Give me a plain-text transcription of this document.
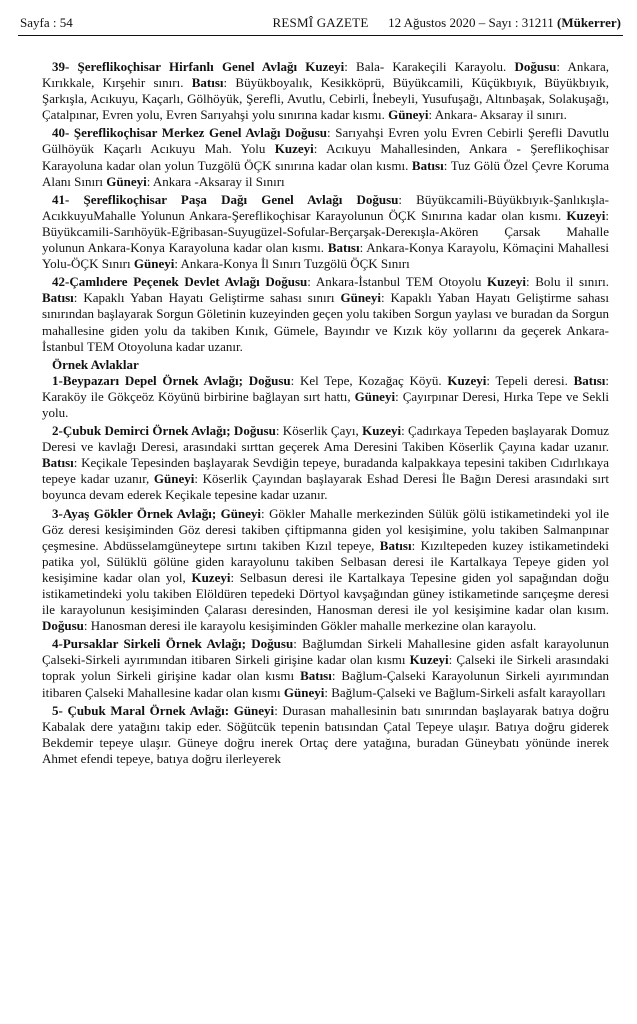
Sayfa : 54	RESMÎ GAZETE 12 Ağustos 2020 – Sayı : 31211 (Mükerrer)

39- Şereflikoçhisar Hirfanlı Genel Avlağı Kuzeyi: Bala- Karakeçili Karayolu. Doğusu: Ankara, Kırıkkale, Kırşehir sınırı. Batısı: Büyükboyalık, Kesikköprü, Büyükcamili, Küçükbıyık, Büyükbıyık, Şarkışla, Acıkuyu, Kaçarlı, Gölhöyük, Şerefli, Avutlu, Cebirli, İnebeyli, Yusufuşağı, Altınbaşak, Solakuşağı, Çatalpınar, Evren yolu, Evren Sarıyahşi yolu sınırına kadar kısmı. Güneyi: Ankara- Aksaray il sınırı.

40- Şereflikoçhisar Merkez Genel Avlağı Doğusu: Sarıyahşi Evren yolu Evren Cebirli Şerefli Davutlu Gülhöyük Kaçarlı Acıkuyu Mah. Yolu Kuzeyi: Acıkuyu Mahallesinden, Ankara - Şereflikoçhisar Karayoluna kadar olan yolun Tuzgölü ÖÇK sınırına kadar olan kısmı. Batısı: Tuz Gölü Özel Çevre Koruma Alanı Sınırı Güneyi: Ankara -Aksaray il Sınırı

41- Şereflikoçhisar Paşa Dağı Genel Avlağı Doğusu: Büyükcamili-Büyükbıyık-Şanlıkışla-AcıkkuyuMahalle Yolunun Ankara-Şereflikoçhisar Karayolunun ÖÇK Sınırına kadar olan kısmı. Kuzeyi: Büyükcamili-Sarıhöyük-Eğribasan-Suyugüzel-Sofular-Berçarşak-Dereкışla-Akören Çarsak Mahalle yolunun Ankara-Konya Karayoluna kadar olan kısmı. Batısı: Ankara-Konya Karayolu, Kömaçini Mahallesi Yolu-ÖÇK Sınırı Güneyi: Ankara-Konya İl Sınırı Tuzgölü ÖÇK Sınırı

42-Çamlıdere Peçenek Devlet Avlağı Doğusu: Ankara-İstanbul TEM Otoyolu Kuzeyi: Bolu il sınırı. Batısı: Kapaklı Yaban Hayatı Geliştirme sahası sınırı Güneyi: Kapaklı Yaban Hayatı Geliştirme sahası sınırından başlayarak Sorgun Göletinin kuzeyinden geçen yolu takiben Sorgun yaylası ve buradan da Sorgun mahallesine giden yolu da takiben Kınık, Gümele, Bayındır ve Kızık köy yollarını da geçerek Ankara-İstanbul TEM Otoyoluna kadar uzanır.

Örnek Avlaklar

1-Beypazarı Depel Örnek Avlağı; Doğusu: Kel Tepe, Kozağaç Köyü. Kuzeyi: Tepeli deresi. Batısı: Karaköy ile Gökçeöz Köyünü birbirine bağlayan sırt hattı, Güneyi: Çayırpınar Deresi, Hırka Tepe ve Sekli yolu.

2-Çubuk Demirci Örnek Avlağı; Doğusu: Köserlik Çayı, Kuzeyi: Çadırkaya Tepeden başlayarak Domuz Deresi ve kavlağı Deresi, arasındaki sırttan geçerek Ama Deresini Takiben Köserlik Çayına kadar uzanır. Batısı: Keçikale Tepesinden başlayarak Sevdiğin tepeye, buradanda kalpakkaya tepesini takiben Cıdırlıkaya tepeye kadar uzanır, Güneyi: Köserlik Çayından başlayarak Eshad Deresi İle Bağın Deresi arasındaki sırt boyunca devam ederek Keçikale tepesine kadar uzanır.

3-Ayaş Gökler Örnek Avlağı; Güneyi: Gökler Mahalle merkezinden Sülük gölü istikametindeki yol ile Göz deresi kesişiminden Göz deresi takiben çiftipmanna giden yol kesişimine, yolu takiben Salmanpınar çeşmesine. Abdüsselamgüneytepe sırtını takiben Kızıl tepeye, Batısı: Kızıltepeden kuzey istikametindeki patika yol, Sülüklü gölüne giden karayolunu takiben Selbasan deresi ile Kartalkaya Tepeye giden yol kesişimine kadar olan yol, Kuzeyi: Selbasun deresi ile Kartalkaya Tepesine giden yol sapağından doğu istikametindeki yolu takiben Elöldüren tepedeki Dörtyol kavşağından güney istikametinde sarıçeşme deresi ile karayolunun kesişiminden Çalarası deresinden, Hanosman deresi ile yol kesişimine kadar olan kısım. Doğusu: Hanosman deresi ile karayolu kesişiminden Gökler mahalle merkezine olan karayolu.

4-Pursaklar Sirkeli Örnek Avlağı; Doğusu: Bağlumdan Sirkeli Mahallesine giden asfalt karayolunun Çalseki-Sirkeli ayırımından itibaren Sirkeli girişine kadar olan kısmı Kuzeyi: Çalseki ile Sirkeli arasındaki toprak yolun Sirkeli girişine kadar olan kısmı Batısı: Bağlum-Çalseki Karayolunun Sirkeli ayırımından itibaren Çalseki Mahallesine kadar olan kısmı Güneyi: Bağlum-Çalseki ve Bağlum-Sirkeli asfalt karayolları

5- Çubuk Maral Örnek Avlağı: Güneyi: Durasan mahallesinin batı sınırından başlayarak batıya doğru Kabalak dere yatağını takip eder. Söğütcük tepenin batısından Çatal Tepeye ulaşır. Batıya doğru giderek Bekdemir tepeye ulaşır. Güneye doğru inerek Ortaç dere yatağına, buradan Güneybatı yönünde inerek Ahmet efendi tepeye, batıya doğru ilerleyerek
